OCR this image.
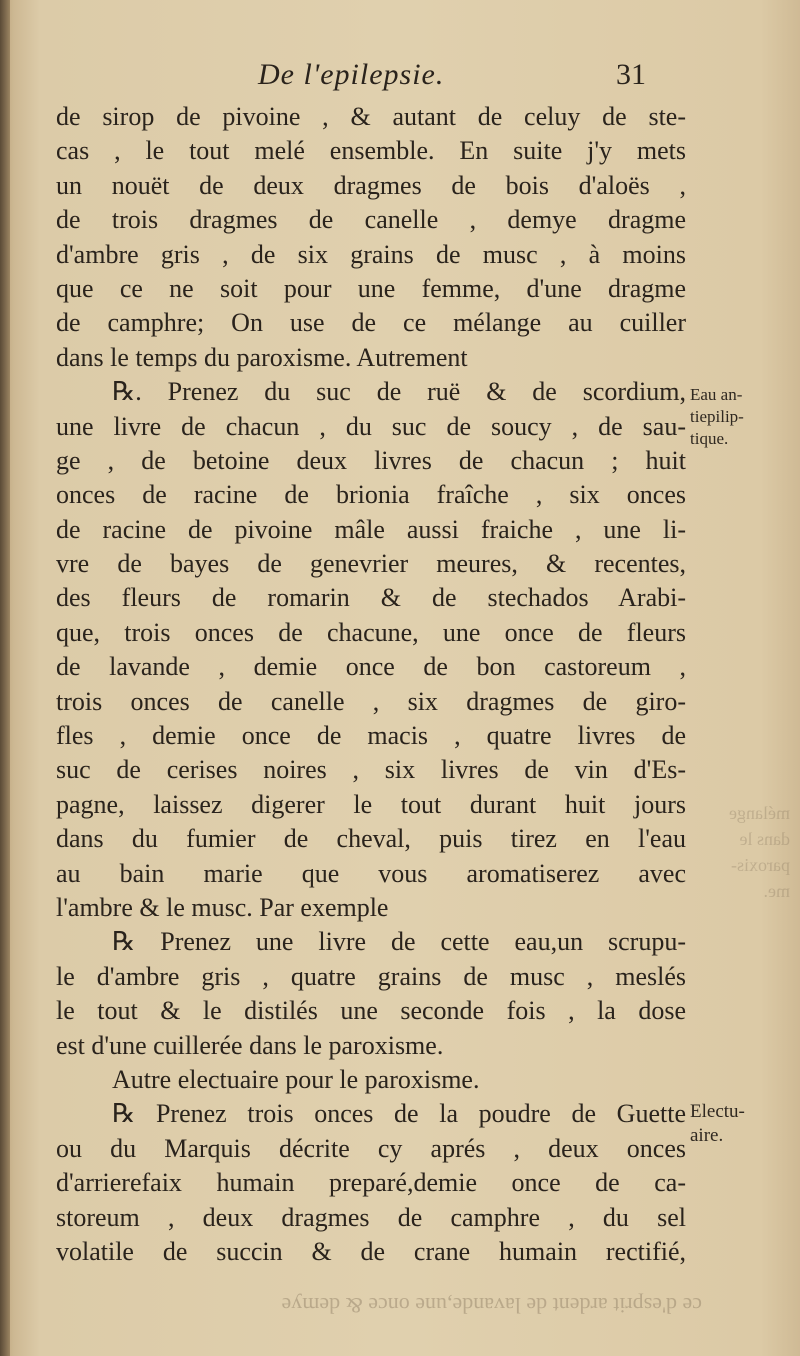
De l'epilepsie.	31
de sirop de pivoine , & autant de celuy de ste-
cas , le tout melé ensemble. En suite j'y mets
un nouët de deux dragmes de bois d'aloës ,
de trois dragmes de canelle , demye dragme
d'ambre gris , de six grains de musc , à moins
que ce ne soit pour une femme, d'une dragme
de camphre; On use de ce mélange au cuiller
dans le temps du paroxisme. Autrement
℞. Prenez du suc de ruë & de scordium,
une livre de chacun , du suc de soucy , de sau-
ge , de betoine deux livres de chacun ; huit
onces de racine de brionia fraîche , six onces
de racine de pivoine mâle aussi fraiche , une li-
vre de bayes de genevrier meures, & recentes,
des fleurs de romarin & de stechados Arabi-
que, trois onces de chacune, une once de fleurs
de lavande , demie once de bon castoreum ,
trois onces de canelle , six dragmes de giro-
fles , demie once de macis , quatre livres de
suc de cerises noires , six livres de vin d'Es-
pagne, laissez digerer le tout durant huit jours
dans du fumier de cheval, puis tirez en l'eau
au bain marie que vous aromatiserez avec
l'ambre & le musc. Par exemple
℞ Prenez une livre de cette eau,un scrupu-
le d'ambre gris , quatre grains de musc , meslés
le tout & le distilés une seconde fois , la dose
est d'une cuillerée dans le paroxisme.
Autre electuaire pour le paroxisme.
℞ Prenez trois onces de la poudre de Guette
ou du Marquis décrite cy aprés , deux onces
d'arrierefaix humain preparé,demie once de ca-
storeum , deux dragmes de camphre , du sel
volatile de succin & de crane humain rectifié,
Eau an-
tiepilip-
tique.
Electu-
aire.
mélange
dans le
paroxis-
me.
ce d'esprit ardent de lavande,une once & demye
